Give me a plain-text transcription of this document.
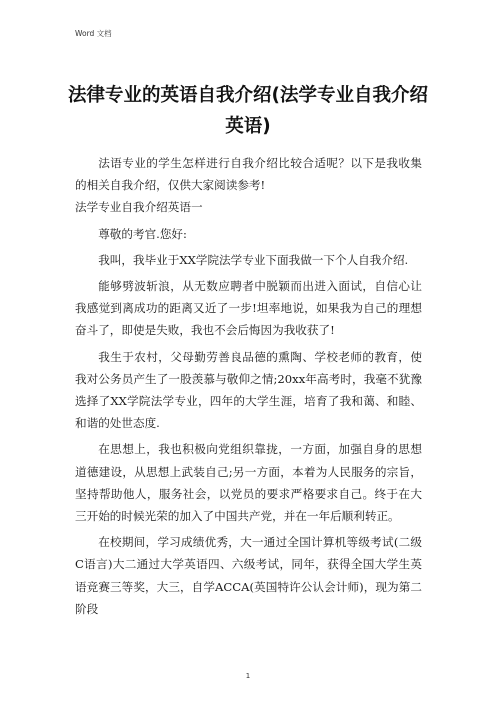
Word 文档
法律专业的英语自我介绍(法学专业自我介绍英语)

法语专业的学生怎样进行自我介绍比较合适呢？以下是我收集的相关自我介绍，仅供大家阅读参考!

法学专业自我介绍英语一

尊敬的考官.您好:

我叫，我毕业于XX学院法学专业下面我做一下个人自我介绍.

能够劈波斩浪，从无数应聘者中脱颖而出进入面试，自信心让我感觉到离成功的距离又近了一步!坦率地说，如果我为自己的理想奋斗了，即使是失败，我也不会后悔因为我收获了!

我生于农村，父母勤劳善良品德的熏陶、学校老师的教育，使我对公务员产生了一股羡慕与敬仰之情;20xx年高考时，我毫不犹豫选择了XX学院法学专业，四年的大学生涯，培育了我和蔼、和睦、和谐的处世态度.

在思想上，我也积极向党组织靠拢，一方面，加强自身的思想道德建设，从思想上武装自己;另一方面，本着为人民服务的宗旨，坚持帮助他人，服务社会，以党员的要求严格要求自己。终于在大三开始的时候光荣的加入了中国共产党，并在一年后顺利转正。

在校期间，学习成绩优秀，大一通过全国计算机等级考试(二级C语言)大二通过大学英语四、六级考试，同年，获得全国大学生英语竞赛三等奖，大三，自学ACCA(英国特许公认会计师)，现为第二阶段

1
